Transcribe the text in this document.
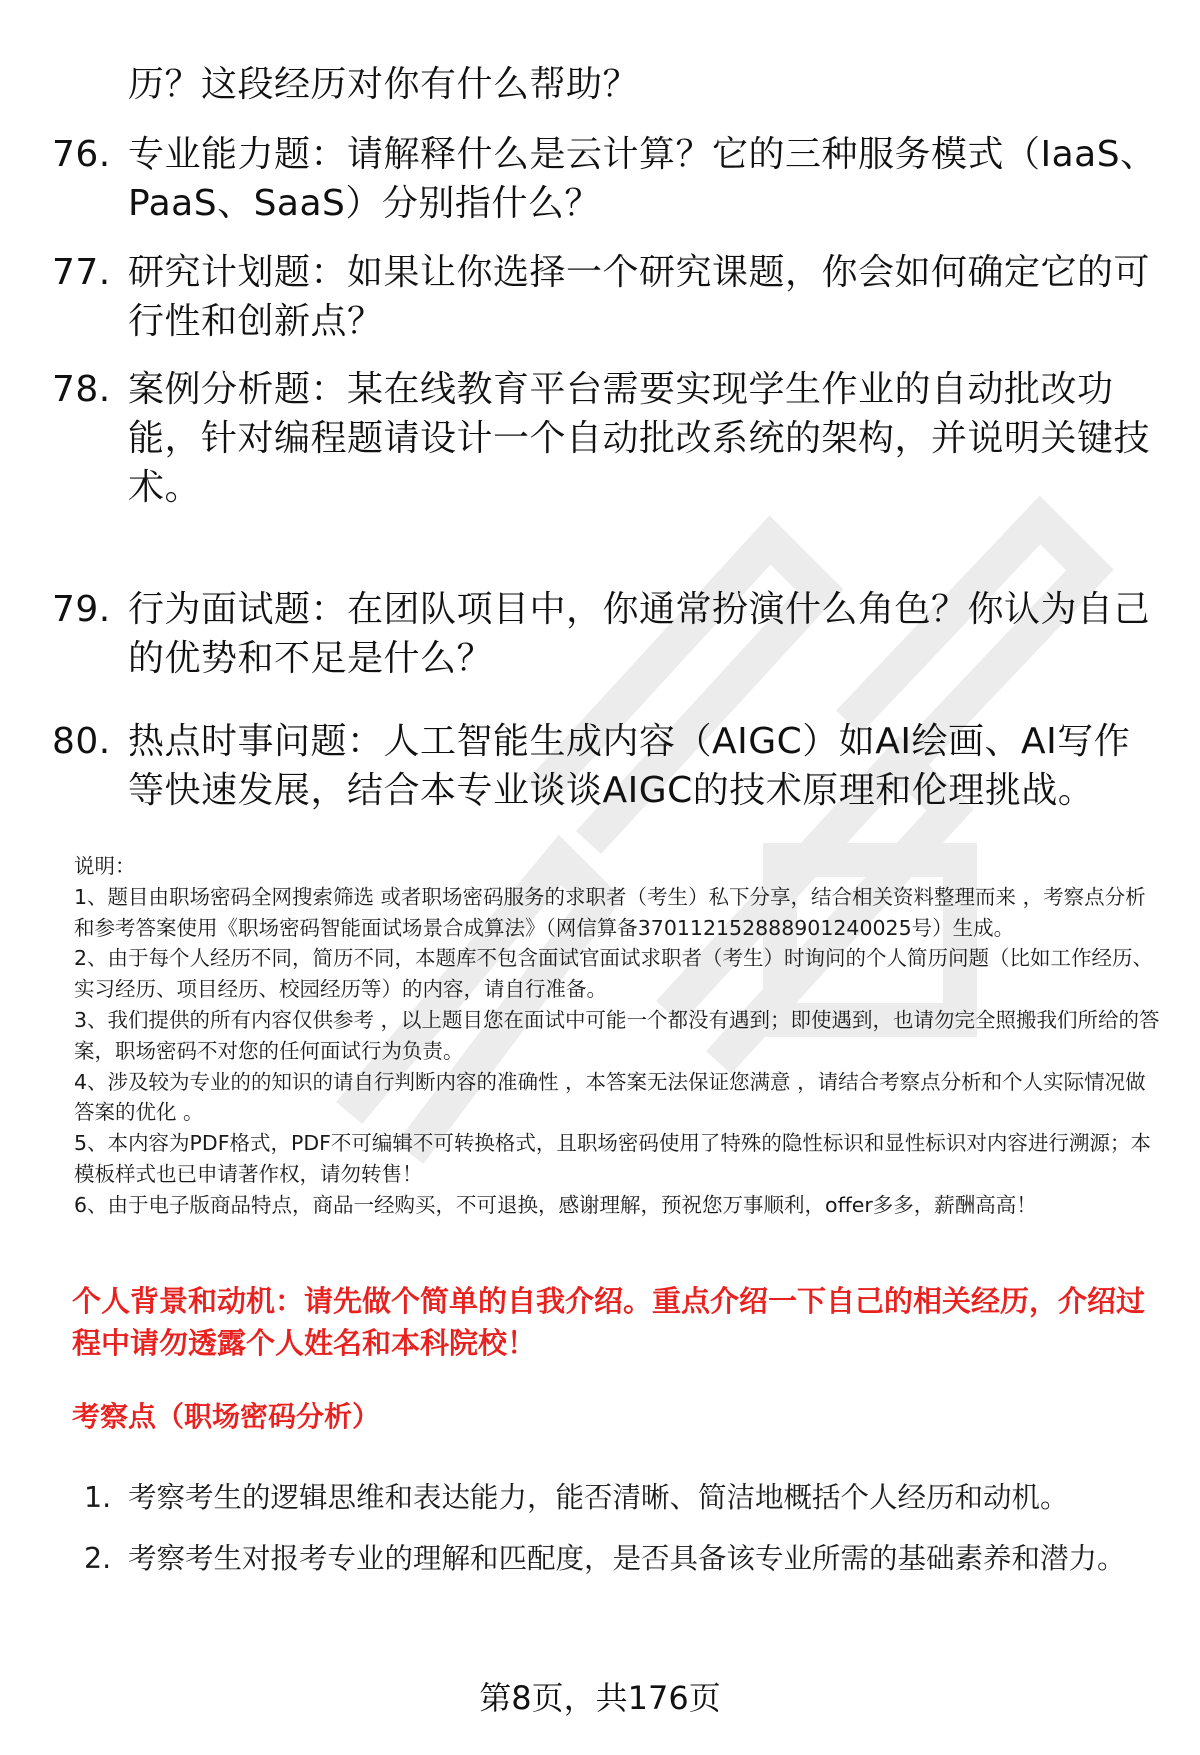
历？这段经历对你有什么帮助？
76. 专业能力题：请解释什么是云计算？它的三种服务模式（IaaS、PaaS、SaaS）分别指什么？
77. 研究计划题：如果让你选择一个研究课题，你会如何确定它的可行性和创新点？
78. 案例分析题：某在线教育平台需要实现学生作业的自动批改功能，针对编程题请设计一个自动批改系统的架构，并说明关键技术。
79. 行为面试题：在团队项目中，你通常扮演什么角色？你认为自己的优势和不足是什么？
80. 热点时事问题：人工智能生成内容（AIGC）如AI绘画、AI写作等快速发展，结合本专业谈谈AIGC的技术原理和伦理挑战。

说明：

1、题目由职场密码全网搜索筛选 或者职场密码服务的求职者（考生）私下分享，结合相关资料整理而来 ，考察点分析和参考答案使用《职场密码智能面试场景合成算法》（网信算备370112152888901240025号）生成。

2、由于每个人经历不同，简历不同，本题库不包含面试官面试求职者（考生）时询问的个人简历问题（比如工作经历、实习经历、项目经历、校园经历等）的内容，请自行准备。

3、我们提供的所有内容仅供参考 ，以上题目您在面试中可能一个都没有遇到；即使遇到，也请勿完全照搬我们所给的答案，职场密码不对您的任何面试行为负责。

4、涉及较为专业的的知识的请自行判断内容的准确性 ，本答案无法保证您满意 ，请结合考察点分析和个人实际情况做答案的优化 。

5、本内容为PDF格式，PDF不可编辑不可转换格式，且职场密码使用了特殊的隐性标识和显性标识对内容进行溯源；本模板样式也已申请著作权，请勿转售！

6、由于电子版商品特点，商品一经购买，不可退换，感谢理解，预祝您万事顺利，offer多多，薪酬高高！

个人背景和动机：请先做个简单的自我介绍。重点介绍一下自己的相关经历，介绍过程中请勿透露个人姓名和本科院校！
考察点（职场密码分析）
1. 考察考生的逻辑思维和表达能力，能否清晰、简洁地概括个人经历和动机。
2. 考察考生对报考专业的理解和匹配度，是否具备该专业所需的基础素养和潜力。
第8页，共176页
